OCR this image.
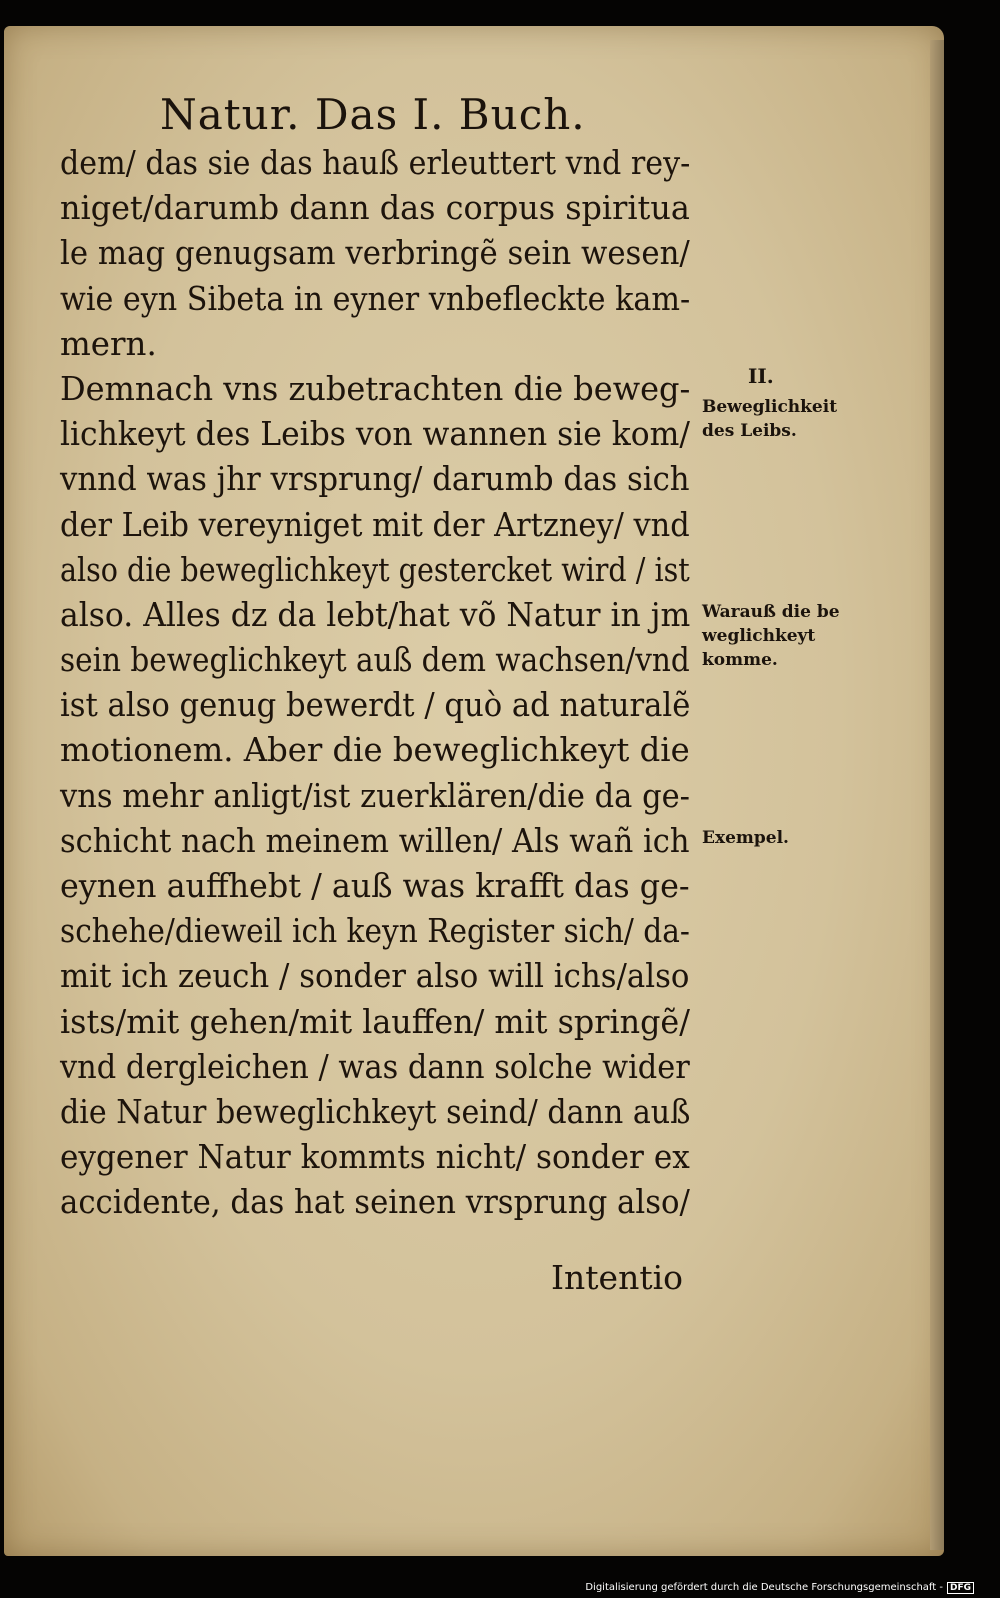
Natur. Das I. Buch.
dem/ das sie das hauß erleuttert vnd rey-
niget/darumb dann das corpus spiritua
le mag genugsam verbringẽ sein wesen/
wie eyn Sibeta in eyner vnbefleckte kam-
mern.
Demnach vns zubetrachten die beweg-
lichkeyt des Leibs von wannen sie kom/
vnnd was jhr vrsprung/ darumb das sich
der Leib vereyniget mit der Artzney/ vnd
also die beweglichkeyt gestercket wird / ist
also. Alles dz da lebt/hat võ Natur in jm
sein beweglichkeyt auß dem wachsen/vnd
ist also genug bewerdt / quò ad naturalẽ
motionem. Aber die beweglichkeyt die
vns mehr anligt/ist zuerklären/die da ge-
schicht nach meinem willen/ Als wañ ich
eynen auffhebt / auß was krafft das ge-
schehe/dieweil ich keyn Register sich/ da-
mit ich zeuch / sonder also will ichs/also
ists/mit gehen/mit lauffen/ mit springẽ/
vnd dergleichen / was dann solche wider
die Natur beweglichkeyt seind/ dann auß
eygener Natur kommts nicht/ sonder ex
accidente, das hat seinen vrsprung also/
Intentio
II.
Beweglichkeit
des Leibs.
Warauß die be
weglichkeyt
komme.
Exempel.
Digitalisierung gefördert durch die Deutsche Forschungsgemeinschaft - DFG
